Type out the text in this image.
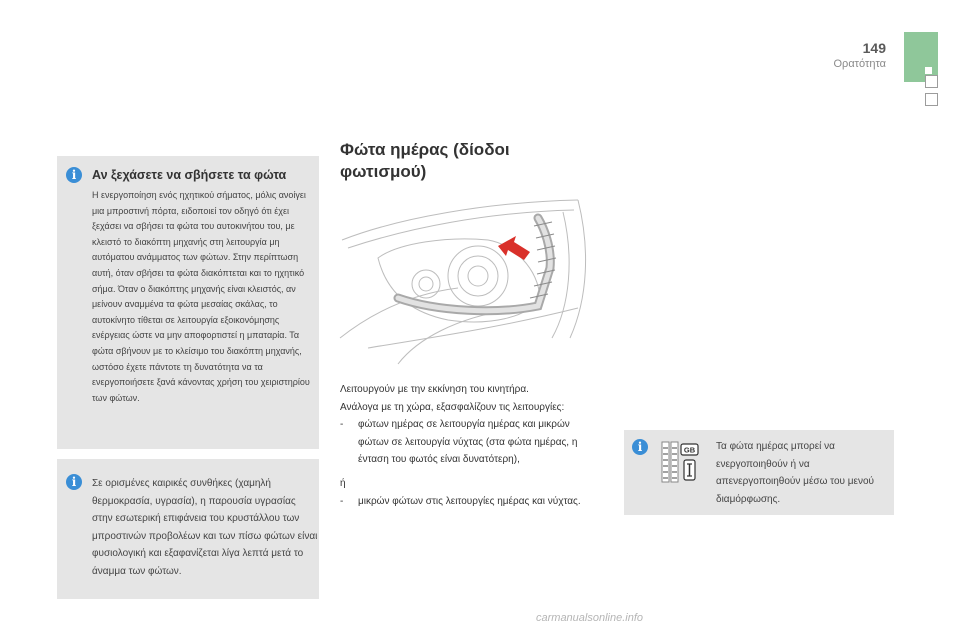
149
Ορατότητα
i	Αν ξεχάσετε να σβήσετε τα φώτα

Η ενεργοποίηση ενός ηχητικού σήματος, μόλις ανοίγει μια μπροστινή πόρτα, ειδοποιεί τον οδηγό ότι έχει ξεχάσει να σβήσει τα φώτα του αυτοκινήτου του, με κλειστό το διακόπτη μηχανής στη λειτουργία μη αυτόματου ανάμματος των φώτων. Στην περίπτωση αυτή, όταν σβήσει τα φώτα διακόπτεται και το ηχητικό σήμα. Όταν ο διακόπτης μηχανής είναι κλειστός, αν μείνουν αναμμένα τα φώτα μεσαίας σκάλας, το αυτοκίνητο τίθεται σε λειτουργία εξοικονόμησης ενέργειας ώστε να μην αποφορτιστεί η μπαταρία. Τα φώτα σβήνουν με το κλείσιμο του διακόπτη μηχανής, ωστόσο έχετε πάντοτε τη δυνατότητα να τα ενεργοποιήσετε ξανά κάνοντας χρήση του χειριστηρίου των φώτων.

i	Σε ορισμένες καιρικές συνθήκες (χαμηλή θερμοκρασία, υγρασία), η παρουσία υγρασίας στην εσωτερική επιφάνεια του κρυστάλλου των μπροστινών προβολέων και των πίσω φώτων είναι φυσιολογική και εξαφανίζεται λίγα λεπτά μετά το άναμμα των φώτων.

Φώτα ημέρας (δίοδοι φωτισμού)

Λειτουργούν με την εκκίνηση του κινητήρα.

Ανάλογα με τη χώρα, εξασφαλίζουν τις λειτουργίες:

- φώτων ημέρας σε λειτουργία ημέρας και μικρών φώτων σε λειτουργία νύχτας (στα φώτα ημέρας, η ένταση του φωτός είναι δυνατότερη),

ή

- μικρών φώτων στις λειτουργίες ημέρας και νύχτας.

i	GB Τα φώτα ημέρας μπορεί να ενεργοποιηθούν ή να απενεργοποιηθούν μέσω του μενού διαμόρφωσης.

carmanualsonline.info
